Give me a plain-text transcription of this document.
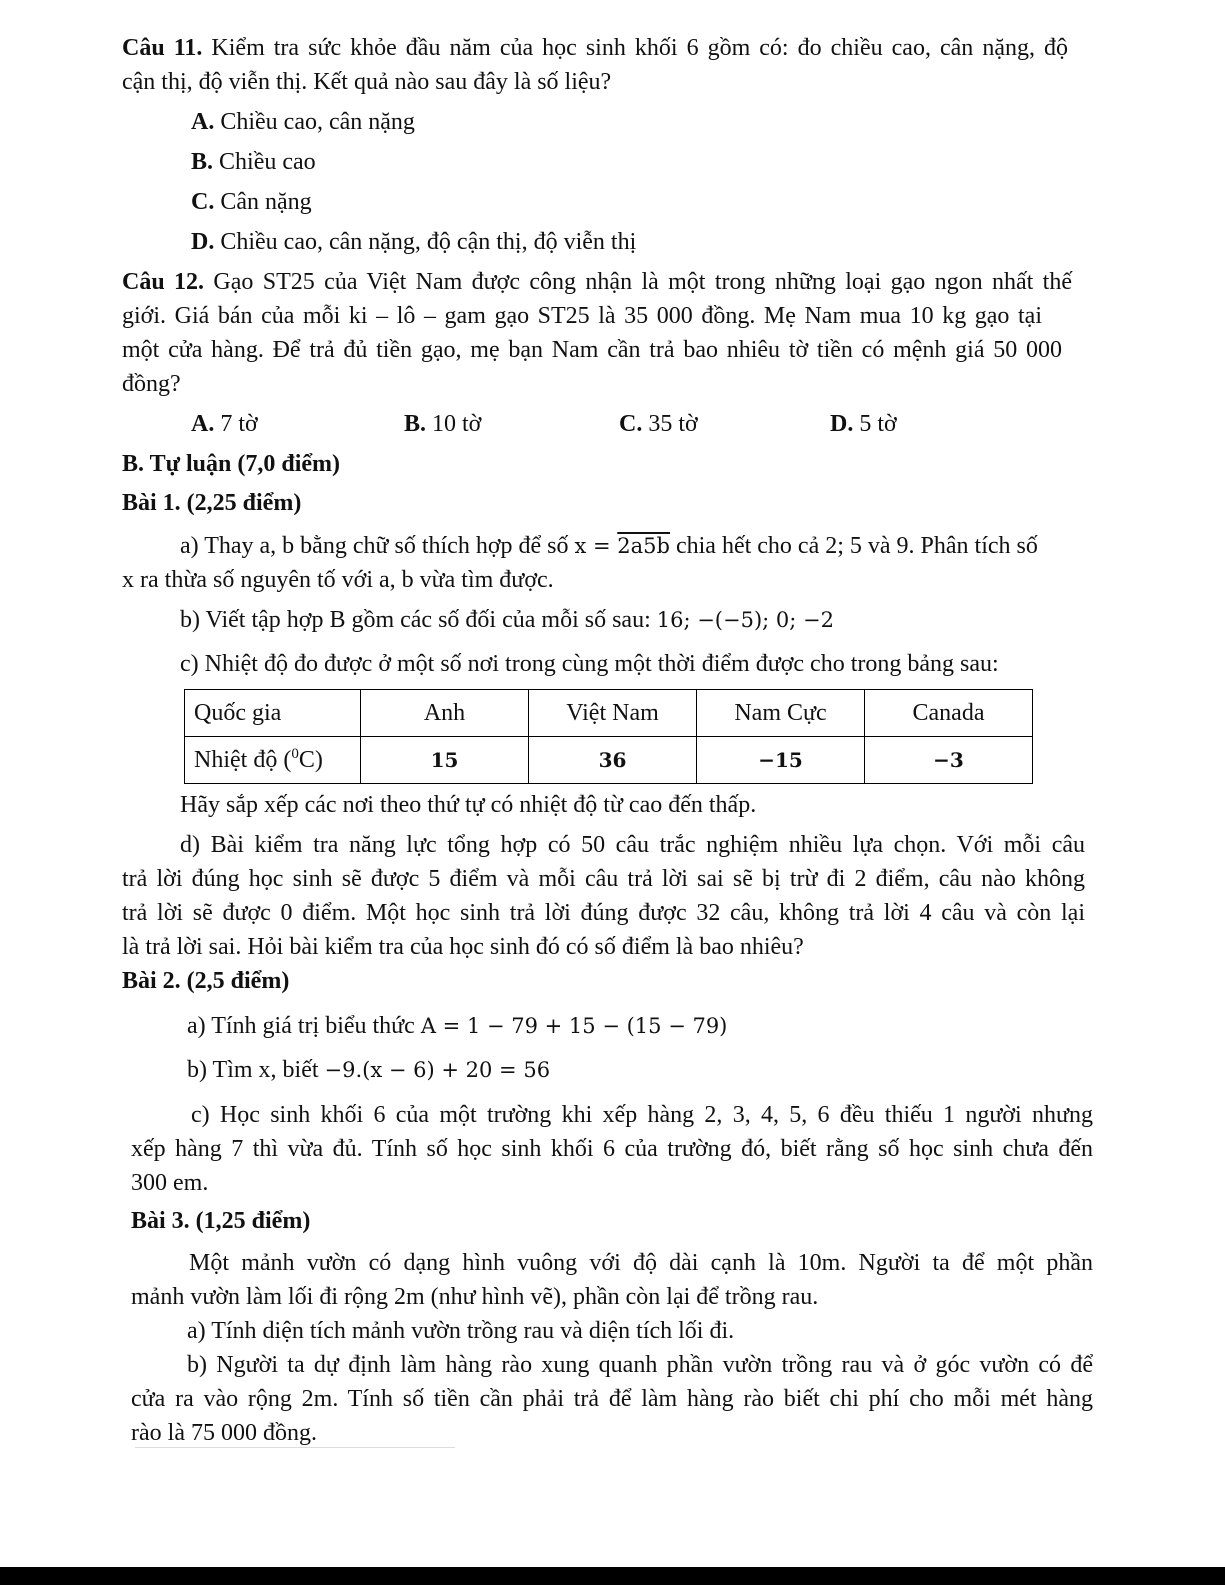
Câu 11. Kiểm tra sức khỏe đầu năm của học sinh khối 6 gồm có: đo chiều cao, cân nặng, độ
cận thị, độ viễn thị. Kết quả nào sau đây là số liệu?
A. Chiều cao, cân nặng
B. Chiều cao
C. Cân nặng
D. Chiều cao, cân nặng, độ cận thị, độ viễn thị
Câu 12. Gạo ST25 của Việt Nam được công nhận là một trong những loại gạo ngon nhất thế
giới. Giá bán của mỗi ki – lô – gam gạo ST25 là 35 000 đồng. Mẹ Nam mua 10 kg gạo tại
một cửa hàng. Để trả đủ tiền gạo, mẹ bạn Nam cần trả bao nhiêu tờ tiền có mệnh giá 50 000
đồng?
A. 7 tờ	B. 10 tờ	C. 35 tờ	D. 5 tờ
B. Tự luận (7,0 điểm)
Bài 1. (2,25 điểm)
a) Thay a, b bằng chữ số thích hợp để số x = 2a5b chia hết cho cả 2; 5 và 9. Phân tích số
x ra thừa số nguyên tố với a, b vừa tìm được.
b) Viết tập hợp B gồm các số đối của mỗi số sau: 16; −(−5); 0; −2
c) Nhiệt độ đo được ở một số nơi trong cùng một thời điểm được cho trong bảng sau:
Quốc gia	Anh	Việt Nam	Nam Cực	Canada
Nhiệt độ ($^0$C)	15	36	−15	−3
Hãy sắp xếp các nơi theo thứ tự có nhiệt độ từ cao đến thấp.
d) Bài kiểm tra năng lực tổng hợp có 50 câu trắc nghiệm nhiều lựa chọn. Với mỗi câu
trả lời đúng học sinh sẽ được 5 điểm và mỗi câu trả lời sai sẽ bị trừ đi 2 điểm, câu nào không
trả lời sẽ được 0 điểm. Một học sinh trả lời đúng được 32 câu, không trả lời 4 câu và còn lại
là trả lời sai. Hỏi bài kiểm tra của học sinh đó có số điểm là bao nhiêu?
Bài 2. (2,5 điểm)
a) Tính giá trị biểu thức A = 1 − 79 + 15 − (15 − 79)
b) Tìm x, biết −9.(x − 6) + 20 = 56
c) Học sinh khối 6 của một trường khi xếp hàng 2, 3, 4, 5, 6 đều thiếu 1 người nhưng
xếp hàng 7 thì vừa đủ. Tính số học sinh khối 6 của trường đó, biết rằng số học sinh chưa đến
300 em.
Bài 3. (1,25 điểm)
Một mảnh vườn có dạng hình vuông với độ dài cạnh là 10m. Người ta để một phần
mảnh vườn làm lối đi rộng 2m (như hình vẽ), phần còn lại để trồng rau.
a) Tính diện tích mảnh vườn trồng rau và diện tích lối đi.
b) Người ta dự định làm hàng rào xung quanh phần vườn trồng rau và ở góc vườn có để
cửa ra vào rộng 2m. Tính số tiền cần phải trả để làm hàng rào biết chi phí cho mỗi mét hàng
rào là 75 000 đồng.
